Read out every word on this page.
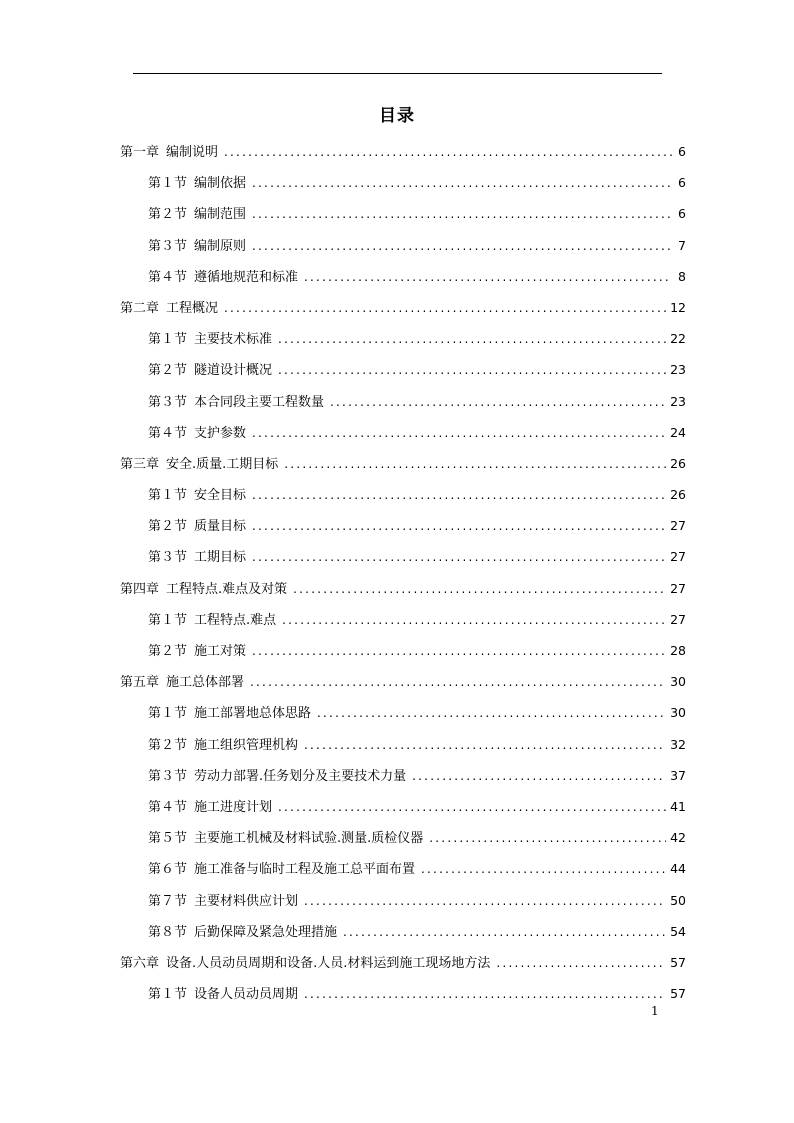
目录
第一章 编制说明 .....	6
第１节 编制依据 .....	6
第２节 编制范围 .....	6
第３节 编制原则 .....	7
第４节 遵循地规范和标准 .....	8
第二章 工程概况 .....	12
第１节 主要技术标准 .....	22
第２节 隧道设计概况 .....	23
第３节 本合同段主要工程数量 .....	23
第４节 支护参数 .....	24
第三章 安全.质量.工期目标 .....	26
第１节 安全目标 .....	26
第２节 质量目标 .....	27
第３节 工期目标 .....	27
第四章 工程特点.难点及对策 .....	27
第１节 工程特点.难点 .....	27
第２节 施工对策 .....	28
第五章 施工总体部署 .....	30
第１节 施工部署地总体思路 .....	30
第２节 施工组织管理机构 .....	32
第３节 劳动力部署.任务划分及主要技术力量 .....	37
第４节 施工进度计划 .....	41
第５节 主要施工机械及材料试验.测量.质检仪器 .....	42
第６节 施工准备与临时工程及施工总平面布置 .....	44
第７节 主要材料供应计划 .....	50
第８节 后勤保障及紧急处理措施 .....	54
第六章 设备.人员动员周期和设备.人员.材料运到施工现场地方法 .....	57
第１节 设备人员动员周期 .....	57
1
